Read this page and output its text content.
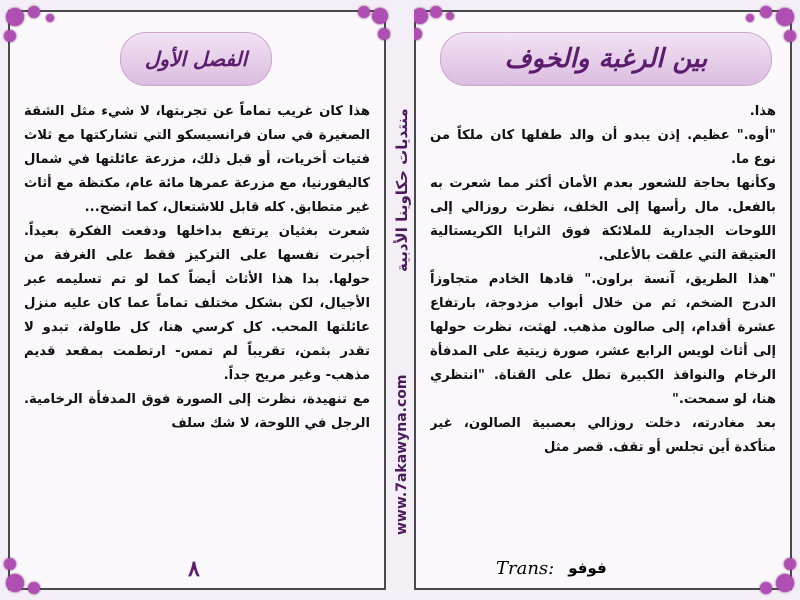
بين الرغبة والخوف

هذا.

"أوه." عظيم. إذن يبدو أن والد طفلها كان ملكاً من نوع ما.

وكأنها بحاجة للشعور بعدم الأمان أكثر مما شعرت به بالفعل. مال رأسها إلى الخلف، نظرت روزالي إلى اللوحات الجدارية للملائكة فوق الثرايا الكريستالية العتيقة التي علقت بالأعلى.

"هذا الطريق، آنسة براون." قادها الخادم متجاوزاً الدرج الضخم، ثم من خلال أبواب مزدوجة، بارتفاع عشرة أقدام، إلى صالون مذهب. لهثت، نظرت حولها إلى أثاث لويس الرابع عشر، صورة زيتية على المدفأة الرخام والنوافذ الكبيرة تطل على القناة. "انتظري هنا، لو سمحت."

بعد مغادرته، دخلت روزالي بعصبية الصالون، غير متأكدة أين تجلس أو تقف. قصر مثل

فوفو
Trans:
منتديات حكاوينا الأدبية
www.7akawyna.com
الفصل الأول

هذا كان غريب تماماً عن تجربتها، لا شيء مثل الشقة الصغيرة في سان فرانسيسكو التي تشاركتها مع ثلاث فتيات أخريات، أو قبل ذلك، مزرعة عائلتها في شمال كاليفورنيا، مع مزرعة عمرها مائة عام، مكتظة مع أثاث غير متطابق. كله قابل للاشتعال، كما اتضح...

شعرت بغثيان يرتفع بداخلها ودفعت الفكرة بعيداً. أجبرت نفسها على التركيز فقط على الغرفة من حولها. بدا هذا الأثاث أيضاً كما لو تم تسليمه عبر الأجيال، لكن بشكل مختلف تماماً عما كان عليه منزل عائلتها المحب. كل كرسي هنا، كل طاولة، تبدو لا تقدر بثمن، تقريباً لم تمس- ارتطمت بمقعد قديم مذهب- وغير مريح جداً.

مع تنهيدة، نظرت إلى الصورة فوق المدفأة الرخامية. الرجل في اللوحة، لا شك سلف

٨
